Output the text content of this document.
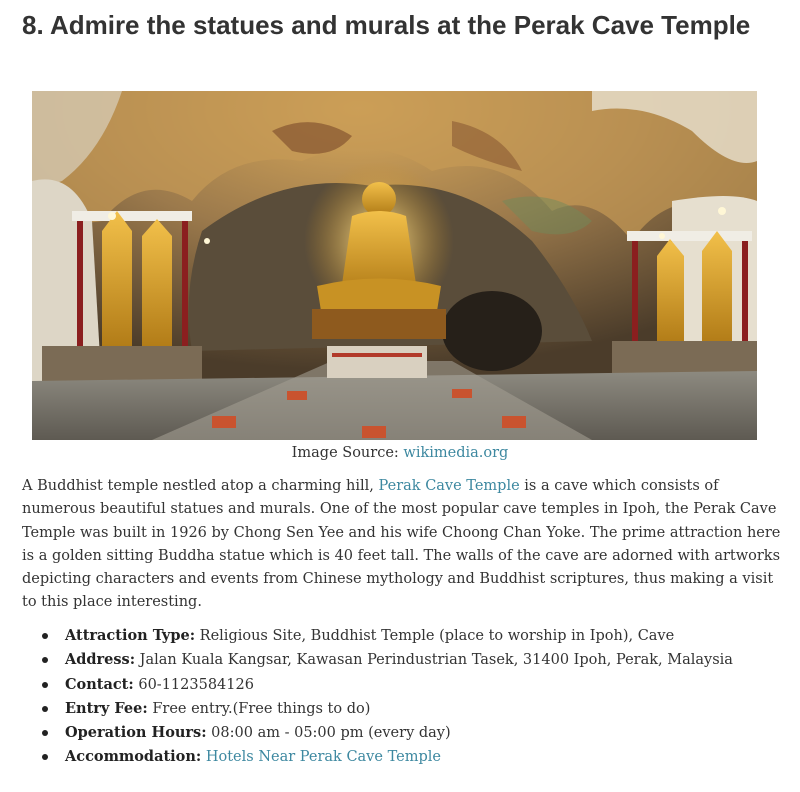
8. Admire the statues and murals at the Perak Cave Temple
Image Source: wikimedia.org

A Buddhist temple nestled atop a charming hill, Perak Cave Temple is a cave which consists of numerous beautiful statues and murals. One of the most popular cave temples in Ipoh, the Perak Cave Temple was built in 1926 by Chong Sen Yee and his wife Choong Chan Yoke. The prime attraction here is a golden sitting Buddha statue which is 40 feet tall. The walls of the cave are adorned with artworks depicting characters and events from Chinese mythology and Buddhist scriptures, thus making a visit to this place interesting.

Attraction Type: Religious Site, Buddhist Temple (place to worship in Ipoh), Cave
Address: Jalan Kuala Kangsar, Kawasan Perindustrian Tasek, 31400 Ipoh, Perak, Malaysia
Contact: 60-1123584126
Entry Fee: Free entry.(Free things to do)
Operation Hours: 08:00 am - 05:00 pm (every day)
Accommodation: Hotels Near Perak Cave Temple
